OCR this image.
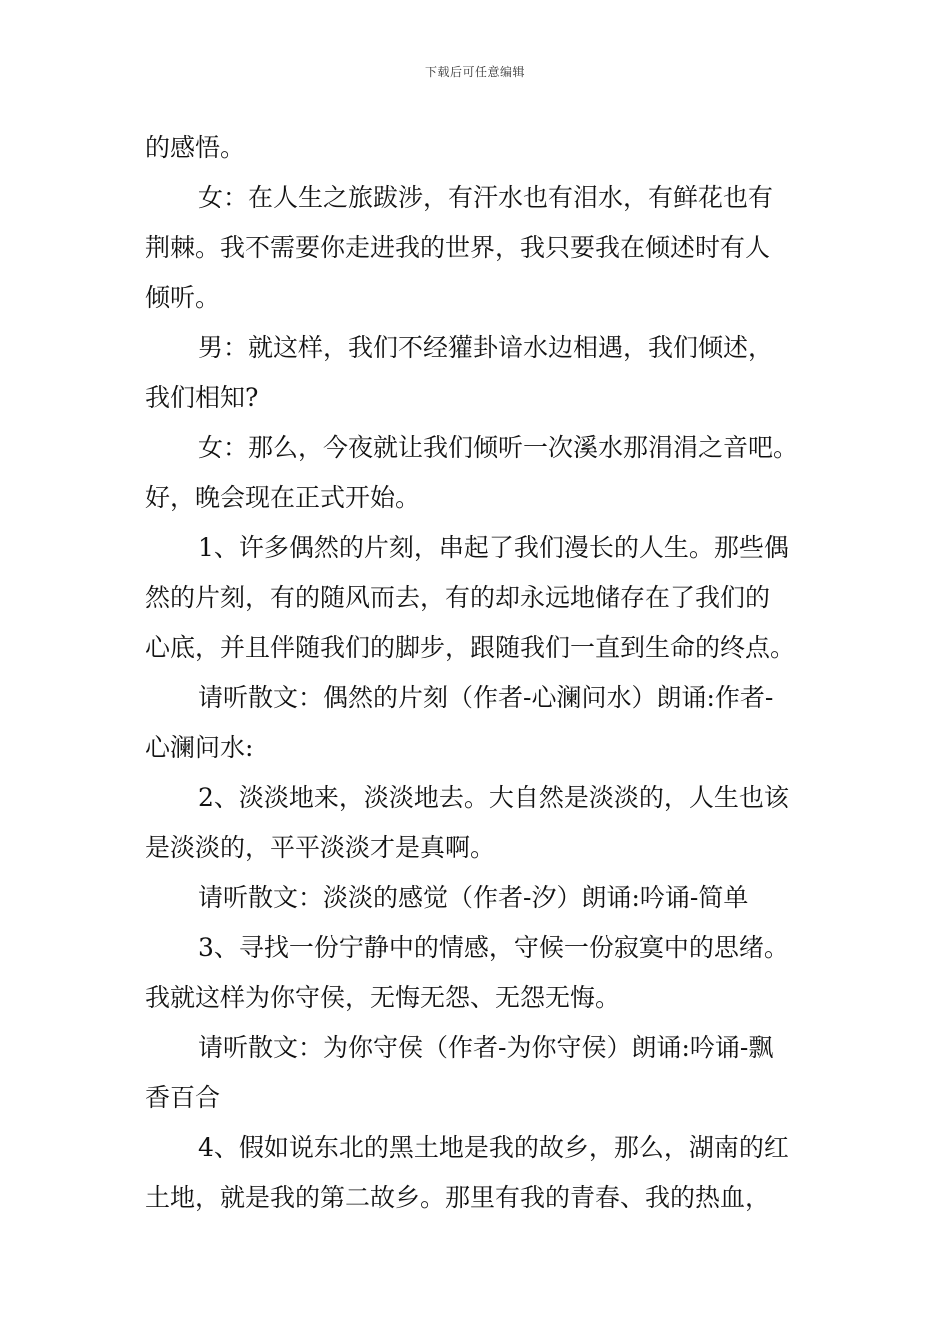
下载后可任意编辑
的感悟。
女：在人生之旅跋涉，有汗水也有泪水，有鲜花也有
荆棘。我不需要你走进我的世界，我只要我在倾述时有人
倾听。
男：就这样，我们不经獾卦谙水边相遇，我们倾述，
我们相知?
女：那么，今夜就让我们倾听一次溪水那涓涓之音吧。
好，晚会现在正式开始。
1、许多偶然的片刻，串起了我们漫长的人生。那些偶
然的片刻，有的随风而去，有的却永远地储存在了我们的
心底，并且伴随我们的脚步，跟随我们一直到生命的终点。
请听散文：偶然的片刻（作者-心澜问水）朗诵:作者-
心澜问水:
2、淡淡地来，淡淡地去。大自然是淡淡的，人生也该
是淡淡的，平平淡淡才是真啊。
请听散文：淡淡的感觉（作者-汐）朗诵:吟诵-简单
3、寻找一份宁静中的情感，守候一份寂寞中的思绪。
我就这样为你守侯，无悔无怨、无怨无悔。
请听散文：为你守侯（作者-为你守侯）朗诵:吟诵-飘
香百合
4、假如说东北的黑土地是我的故乡，那么，湖南的红
土地，就是我的第二故乡。那里有我的青春、我的热血，
